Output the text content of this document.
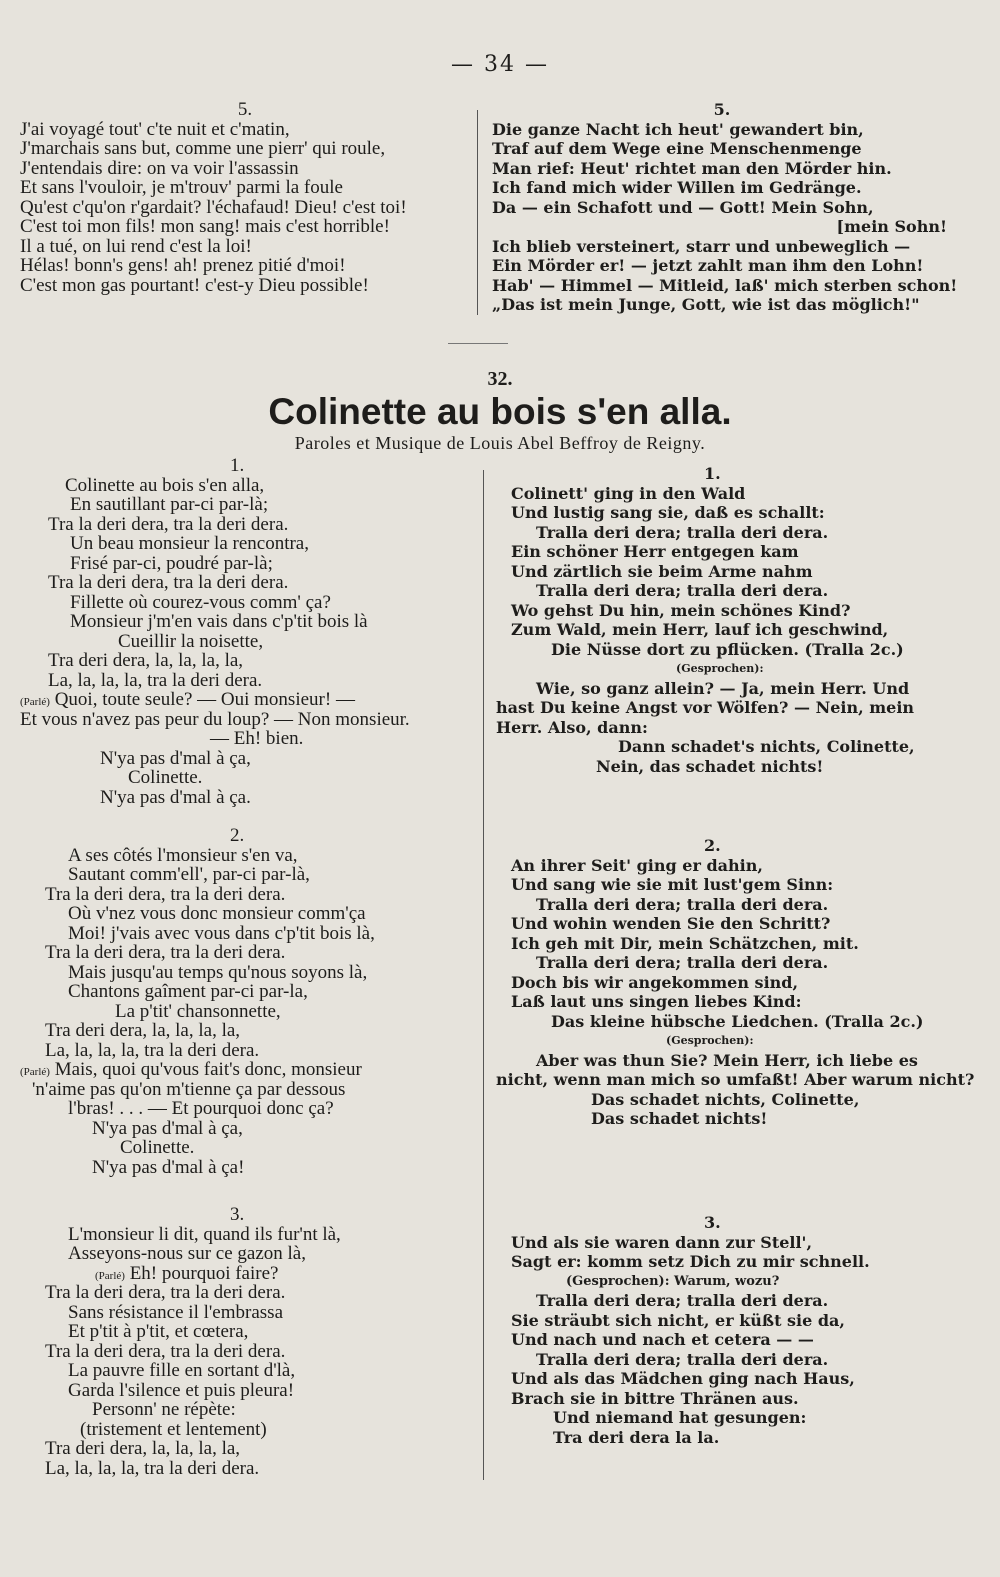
— 34 —
5.
J'ai voyagé tout' c'te nuit et c'matin,
J'marchais sans but, comme une pierr' qui roule,
J'entendais dire: on va voir l'assassin
Et sans l'vouloir, je m'trouv' parmi la foule
Qu'est c'qu'on r'gardait? l'échafaud! Dieu! c'est toi!
C'est toi mon fils! mon sang! mais c'est horrible!
Il a tué, on lui rend c'est la loi!
Hélas! bonn's gens! ah! prenez pitié d'moi!
C'est mon gas pourtant! c'est-y Dieu possible!
5.
Die ganze Nacht ich heut' gewandert bin,
Traf auf dem Wege eine Menschenmenge
Man rief: Heut' richtet man den Mörder hin.
Ich fand mich wider Willen im Gedränge.
Da — ein Schafott und — Gott! Mein Sohn,
[mein Sohn!
Ich blieb versteinert, starr und unbeweglich —
Ein Mörder er! — jetzt zahlt man ihm den Lohn!
Hab' — Himmel — Mitleid, laß' mich sterben schon!
„Das ist mein Junge, Gott, wie ist das möglich!"
32.
Colinette au bois s'en alla.
Paroles et Musique de Louis Abel Beffroy de Reigny.
1.
Colinette au bois s'en alla,
En sautillant par-ci par-là;
Tra la deri dera, tra la deri dera.
Un beau monsieur la rencontra,
Frisé par-ci, poudré par-là;
Tra la deri dera, tra la deri dera.
Fillette où courez-vous comm' ça?
Monsieur j'm'en vais dans c'p'tit bois là
Cueillir la noisette,
Tra deri dera, la, la, la, la,
La, la, la, la, tra la deri dera.
(Parlé) Quoi, toute seule? — Oui monsieur! —
Et vous n'avez pas peur du loup? — Non monsieur.
— Eh! bien.
N'ya pas d'mal à ça,
Colinette.
N'ya pas d'mal à ça.
2.
A ses côtés l'monsieur s'en va,
Sautant comm'ell', par-ci par-là,
Tra la deri dera, tra la deri dera.
Où v'nez vous donc monsieur comm'ça
Moi! j'vais avec vous dans c'p'tit bois là,
Tra la deri dera, tra la deri dera.
Mais jusqu'au temps qu'nous soyons là,
Chantons gaîment par-ci par-la,
La p'tit' chansonnette,
Tra deri dera, la, la, la, la,
La, la, la, la, tra la deri dera.
(Parlé) Mais, quoi qu'vous fait's donc, monsieur
'n'aime pas qu'on m'tienne ça par dessous
l'bras! . . . — Et pourquoi donc ça?
N'ya pas d'mal à ça,
Colinette.
N'ya pas d'mal à ça!
3.
L'monsieur li dit, quand ils fur'nt là,
Asseyons-nous sur ce gazon là,
(Parlé) Eh! pourquoi faire?
Tra la deri dera, tra la deri dera.
Sans résistance il l'embrassa
Et p'tit à p'tit, et cœtera,
Tra la deri dera, tra la deri dera.
La pauvre fille en sortant d'là,
Garda l'silence et puis pleura!
Personn' ne répète:
(tristement et lentement)
Tra deri dera, la, la, la, la,
La, la, la, la, tra la deri dera.
1.
Colinett' ging in den Wald
Und lustig sang sie, daß es schallt:
Tralla deri dera; tralla deri dera.
Ein schöner Herr entgegen kam
Und zärtlich sie beim Arme nahm
Tralla deri dera; tralla deri dera.
Wo gehst Du hin, mein schönes Kind?
Zum Wald, mein Herr, lauf ich geschwind,
Die Nüsse dort zu pflücken. (Tralla 2c.)
(Gesprochen):
Wie, so ganz allein? — Ja, mein Herr. Und
hast Du keine Angst vor Wölfen? — Nein, mein
Herr. Also, dann:
Dann schadet's nichts, Colinette,
Nein, das schadet nichts!
2.
An ihrer Seit' ging er dahin,
Und sang wie sie mit lust'gem Sinn:
Tralla deri dera; tralla deri dera.
Und wohin wenden Sie den Schritt?
Ich geh mit Dir, mein Schätzchen, mit.
Tralla deri dera; tralla deri dera.
Doch bis wir angekommen sind,
Laß laut uns singen liebes Kind:
Das kleine hübsche Liedchen. (Tralla 2c.)
(Gesprochen):
Aber was thun Sie? Mein Herr, ich liebe es
nicht, wenn man mich so umfaßt! Aber warum nicht?
Das schadet nichts, Colinette,
Das schadet nichts!
3.
Und als sie waren dann zur Stell',
Sagt er: komm setz Dich zu mir schnell.
(Gesprochen): Warum, wozu?
Tralla deri dera; tralla deri dera.
Sie sträubt sich nicht, er küßt sie da,
Und nach und nach et cetera — —
Tralla deri dera; tralla deri dera.
Und als das Mädchen ging nach Haus,
Brach sie in bittre Thränen aus.
Und niemand hat gesungen:
Tra deri dera la la.
